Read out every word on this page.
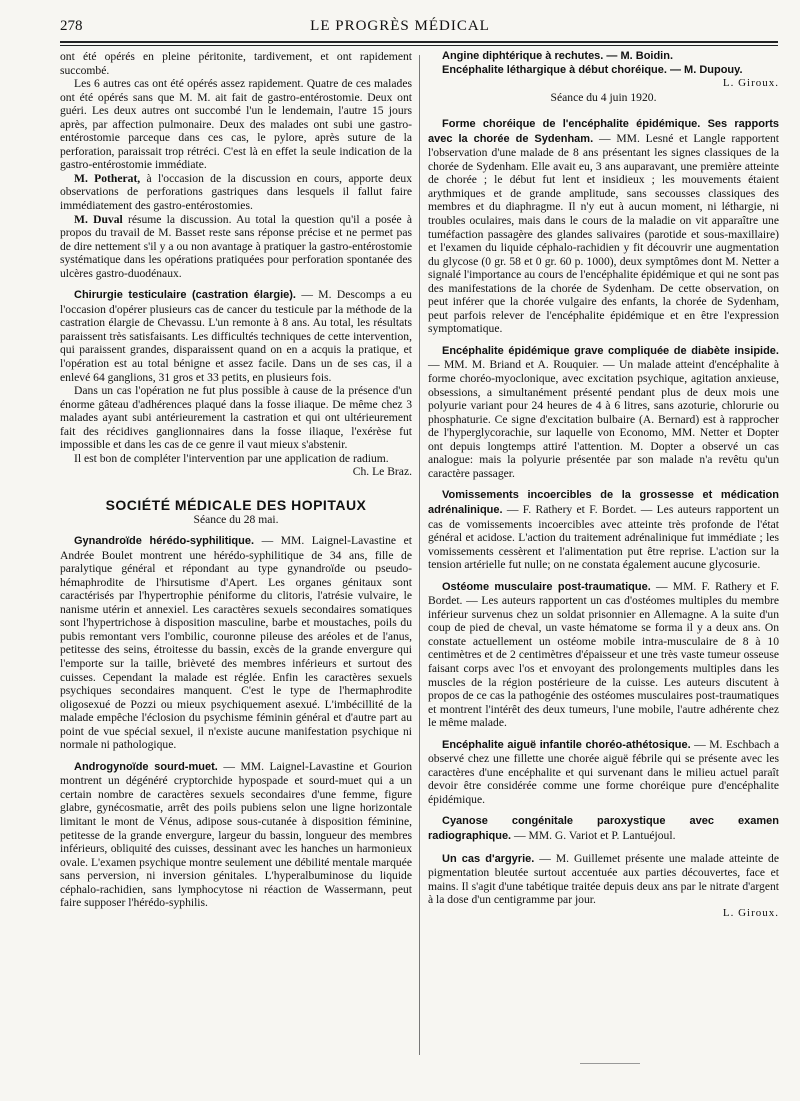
278	LE PROGRÈS MÉDICAL

ont été opérés en pleine péritonite, tardivement, et ont rapidement succombé.

Les 6 autres cas ont été opérés assez rapidement. Quatre de ces malades ont été opérés sans que M. M. ait fait de gastro-entérostomie. Deux ont guéri. Les deux autres ont succombé l'un le lendemain, l'autre 15 jours après, par affection pulmonaire. Deux des malades ont subi une gastro-entérostomie parceque dans ces cas, le pylore, après suture de la perforation, paraissait trop rétréci. C'est là en effet la seule indication de la gastro-entérostomie immédiate.

M. Potherat, à l'occasion de la discussion en cours, apporte deux observations de perforations gastriques dans lesquels il fallut faire immédiatement des gastro-entérostomies.

M. Duval résume la discussion. Au total la question qu'il a posée à propos du travail de M. Basset reste sans réponse précise et ne permet pas de dire nettement s'il y a ou non avantage à pratiquer la gastro-entérostomie systématique dans les opérations pratiquées pour perforation spontanée des ulcères gastro-duodénaux.

Chirurgie testiculaire (castration élargie). — M. Descomps a eu l'occasion d'opérer plusieurs cas de cancer du testicule par la méthode de la castration élargie de Chevassu. L'un remonte à 8 ans. Au total, les résultats paraissent très satisfaisants. Les difficultés techniques de cette intervention, qui paraissent grandes, disparaissent quand on en a acquis la pratique, et l'opération est au total bénigne et assez facile. Dans un de ses cas, il a enlevé 64 ganglions, 31 gros et 33 petits, en plusieurs fois.

Dans un cas l'opération ne fut plus possible à cause de la présence d'un énorme gâteau d'adhérences plaqué dans la fosse iliaque. De même chez 3 malades ayant subi antérieurement la castration et qui ont ultérieurement fait des récidives ganglionnaires dans la fosse iliaque, l'exérèse fut impossible et dans les cas de ce genre il vaut mieux s'abstenir.

Il est bon de compléter l'intervention par une application de radium.

Ch. Le Braz.
SOCIÉTÉ MÉDICALE DES HOPITAUX
Séance du 28 mai.

Gynandroïde hérédo-syphilitique. — MM. Laignel-Lavastine et Andrée Boulet montrent une hérédo-syphilitique de 34 ans, fille de paralytique général et répondant au type gynandroïde ou pseudo-hémaphrodite de l'hirsutisme d'Apert. Les organes génitaux sont caractérisés par l'hypertrophie péniforme du clitoris, l'atrésie vulvaire, le nanisme utérin et annexiel. Les caractères sexuels secondaires somatiques sont l'hypertrichose à disposition masculine, barbe et moustaches, poils du pubis remontant vers l'ombilic, couronne pileuse des aréoles et de l'anus, petitesse des seins, étroitesse du bassin, excès de la grande envergure qui l'emporte sur la taille, brièveté des membres inférieurs et surtout des cuisses. Cependant la malade est réglée. Enfin les caractères sexuels psychiques secondaires manquent. C'est le type de l'hermaphrodite oligosexué de Pozzi ou mieux psychiquement asexué. L'imbécillité de la malade empêche l'éclosion du psychisme féminin général et d'autre part au point de vue spécial sexuel, il n'existe aucune manifestation psychique ni normale ni pathologique.

Androgynoïde sourd-muet. — MM. Laignel-Lavastine et Gourion montrent un dégénéré cryptorchide hypospade et sourd-muet qui a un certain nombre de caractères sexuels secondaires d'une femme, figure glabre, gynécosmatie, arrêt des poils pubiens selon une ligne horizontale limitant le mont de Vénus, adipose sous-cutanée à disposition féminine, petitesse de la grande envergure, largeur du bassin, longueur des membres inférieurs, obliquité des cuisses, dessinant avec les hanches un harmonieux ovale. L'examen psychique montre seulement une débilité mentale marquée sans perversion, ni inversion génitales. L'hyperalbuminose du liquide céphalo-rachidien, sans lymphocytose ni réaction de Wassermann, peut faire supposer l'hérédo-syphilis.

Angine diphtérique à rechutes. — M. Boidin.

Encéphalite léthargique à début choréique. — M. Dupouy.

L. Giroux.
Séance du 4 juin 1920.

Forme choréique de l'encéphalite épidémique. Ses rapports avec la chorée de Sydenham. — MM. Lesné et Langle rapportent l'observation d'une malade de 8 ans présentant les signes classiques de la chorée de Sydenham. Elle avait eu, 3 ans auparavant, une première atteinte de chorée ; le début fut lent et insidieux ; les mouvements étaient arythmiques et de grande amplitude, sans secousses classiques des membres et du diaphragme. Il n'y eut à aucun moment, ni léthargie, ni troubles oculaires, mais dans le cours de la maladie on vit apparaître une tuméfaction passagère des glandes salivaires (parotide et sous-maxillaire) et l'examen du liquide céphalo-rachidien y fit découvrir une augmentation du glycose (0 gr. 58 et 0 gr. 60 p. 1000), deux symptômes dont M. Netter a signalé l'importance au cours de l'encéphalite épidémique et qui ne sont pas des manifestations de la chorée de Sydenham. De cette observation, on peut inférer que la chorée vulgaire des enfants, la chorée de Sydenham, peut parfois relever de l'encéphalite épidémique et en être l'expression symptomatique.

Encéphalite épidémique grave compliquée de diabète insipide. — MM. M. Briand et A. Rouquier. — Un malade atteint d'encéphalite à forme choréo-myoclonique, avec excitation psychique, agitation anxieuse, obsessions, a simultanément présenté pendant plus de deux mois une polyurie variant pour 24 heures de 4 à 6 litres, sans azoturie, chlorurie ou phosphaturie. Ce signe d'excitation bulbaire (A. Bernard) est à rapprocher de l'hyperglycorachie, sur laquelle von Economo, MM. Netter et Dopter ont depuis longtemps attiré l'attention. M. Dopter a observé un cas analogue: mais la polyurie présentée par son malade n'a revêtu qu'un caractère passager.

Vomissements incoercibles de la grossesse et médication adrénalinique. — F. Rathery et F. Bordet. — Les auteurs rapportent un cas de vomissements incoercibles avec atteinte très profonde de l'état général et acidose. L'action du traitement adrénalinique fut immédiate ; les vomissements cessèrent et l'alimentation put être reprise. L'action sur la tension artérielle fut nulle; on ne constata également aucune glycosurie.

Ostéome musculaire post-traumatique. — MM. F. Rathery et F. Bordet. — Les auteurs rapportent un cas d'ostéomes multiples du membre inférieur survenus chez un soldat prisonnier en Allemagne. A la suite d'un coup de pied de cheval, un vaste hématome se forma il y a deux ans. On constate actuellement un ostéome mobile intra-musculaire de 8 à 10 centimètres et de 2 centimètres d'épaisseur et une très vaste tumeur osseuse faisant corps avec l'os et envoyant des prolongements multiples dans les muscles de la région postérieure de la cuisse. Les auteurs discutent à propos de ce cas la pathogénie des ostéomes musculaires post-traumatiques et montrent l'intérêt des deux tumeurs, l'une mobile, l'autre adhérente chez le même malade.

Encéphalite aiguë infantile choréo-athétosique. — M. Eschbach a observé chez une fillette une chorée aiguë fébrile qui se présente avec les caractères d'une encéphalite et qui survenant dans le milieu actuel paraît devoir être considérée comme une forme choréique pure d'encéphalite épidémique.

Cyanose congénitale paroxystique avec examen radiographique. — MM. G. Variot et P. Lantuéjoul.

Un cas d'argyrie. — M. Guillemet présente une malade atteinte de pigmentation bleutée surtout accentuée aux parties découvertes, face et mains. Il s'agit d'une tabétique traitée depuis deux ans par le nitrate d'argent à la dose d'un centigramme par jour.

L. Giroux.
